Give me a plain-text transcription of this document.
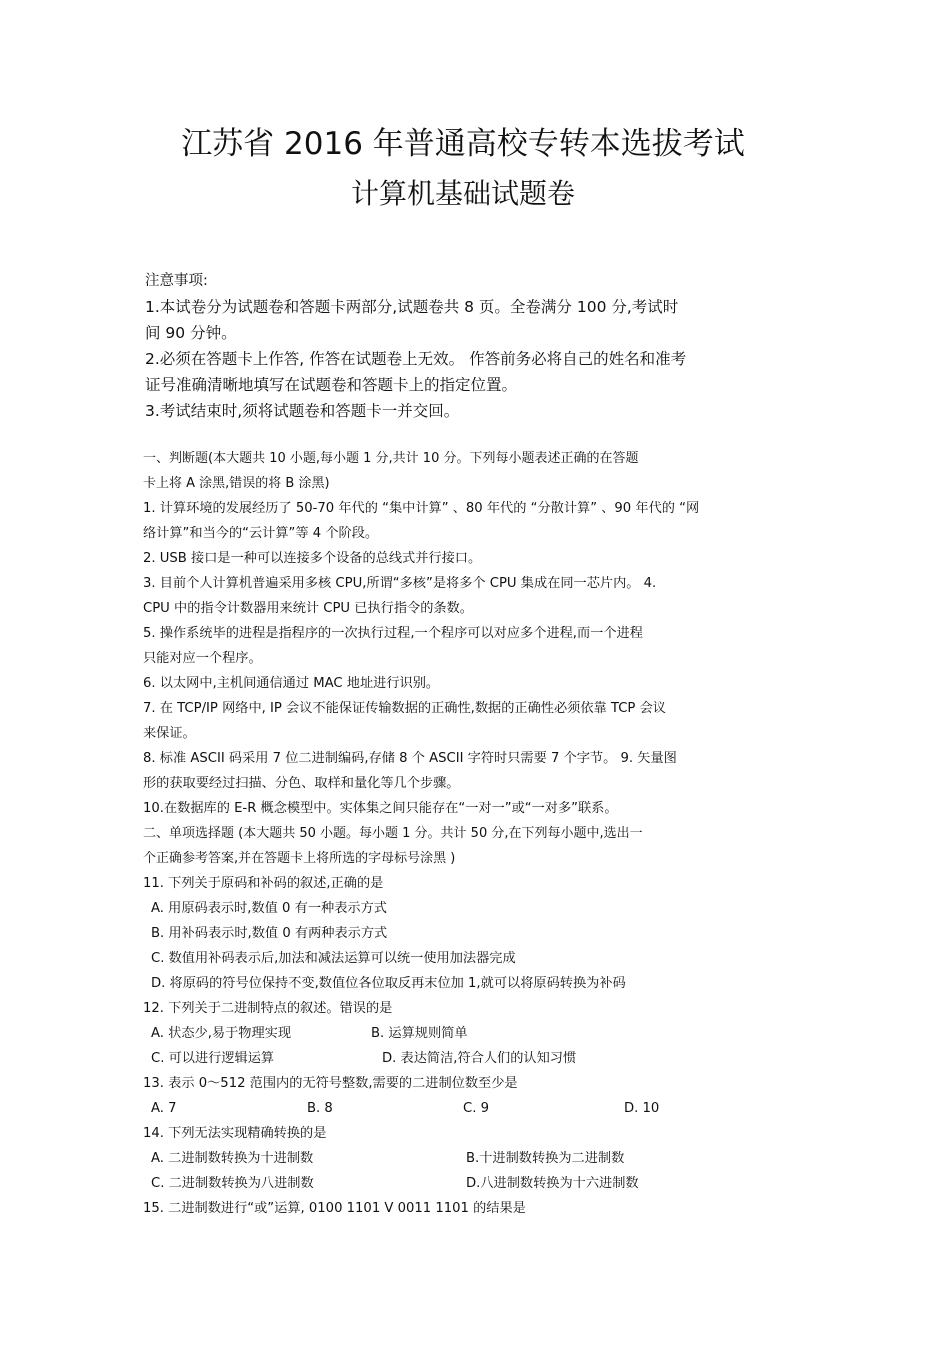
江苏省 2016 年普通高校专转本选拔考试
计算机基础试题卷
注意事项:
1.本试卷分为试题卷和答题卡两部分,试题卷共 8 页。全卷满分 100 分,考试时
间 90 分钟。
2.必须在答题卡上作答, 作答在试题卷上无效。 作答前务必将自己的姓名和准考
证号准确清晰地填写在试题卷和答题卡上的指定位置。
3.考试结束时,须将试题卷和答题卡一并交回。
一、判断题(本大题共 10 小题,每小题 1 分,共计 10 分。下列每小题表述正确的在答题
卡上将 A 涂黑,错误的将 B 涂黑)
1. 计算环境的发展经历了 50-70 年代的 “集中计算” 、80 年代的 “分散计算” 、90 年代的 “网
络计算”和当今的“云计算”等 4 个阶段。
2. USB 接口是一种可以连接多个设备的总线式并行接口。
3. 目前个人计算机普遍采用多核 CPU,所谓“多核”是将多个 CPU 集成在同一芯片内。 4.
CPU 中的指令计数器用来统计 CPU 已执行指令的条数。
5. 操作系统毕的进程是指程序的一次执行过程,一个程序可以对应多个进程,而一个进程
只能对应一个程序。
6. 以太网中,主机间通信通过 MAC 地址进行识别。
7. 在 TCP/IP 网络中, IP 会议不能保证传输数据的正确性,数据的正确性必须依靠 TCP 会议
来保证。
8. 标准 ASCII 码采用 7 位二进制编码,存储 8 个 ASCII 字符时只需要 7 个字节。 9. 矢量图
形的获取要经过扫描、分色、取样和量化等几个步骤。
10.在数据库的 E-R 概念模型中。实体集之间只能存在“一对一”或“一对多”联系。
二、单项选择题 (本大题共 50 小题。每小题 1 分。共计 50 分,在下列每小题中,选出一
个正确参考答案,并在答题卡上将所选的字母标号涂黑 )
11. 下列关于原码和补码的叙述,正确的是
A. 用原码表示时,数值 0 有一种表示方式
B. 用补码表示时,数值 0 有两种表示方式
C. 数值用补码表示后,加法和减法运算可以统一使用加法器完成
D. 将原码的符号位保持不变,数值位各位取反再末位加 1,就可以将原码转换为补码
12. 下列关于二进制特点的叙述。错误的是
A. 状态少,易于物理实现	B. 运算规则简单
C. 可以进行逻辑运算	D. 表达简洁,符合人们的认知习惯
13. 表示 0～512 范围内的无符号整数,需要的二进制位数至少是
A. 7	B. 8	C. 9	D. 10
14. 下列无法实现精确转换的是
A. 二进制数转换为十进制数	B.十进制数转换为二进制数
C. 二进制数转换为八进制数	D.八进制数转换为十六进制数
15. 二进制数进行“或”运算, 0100 1101 V 0011 1101 的结果是
